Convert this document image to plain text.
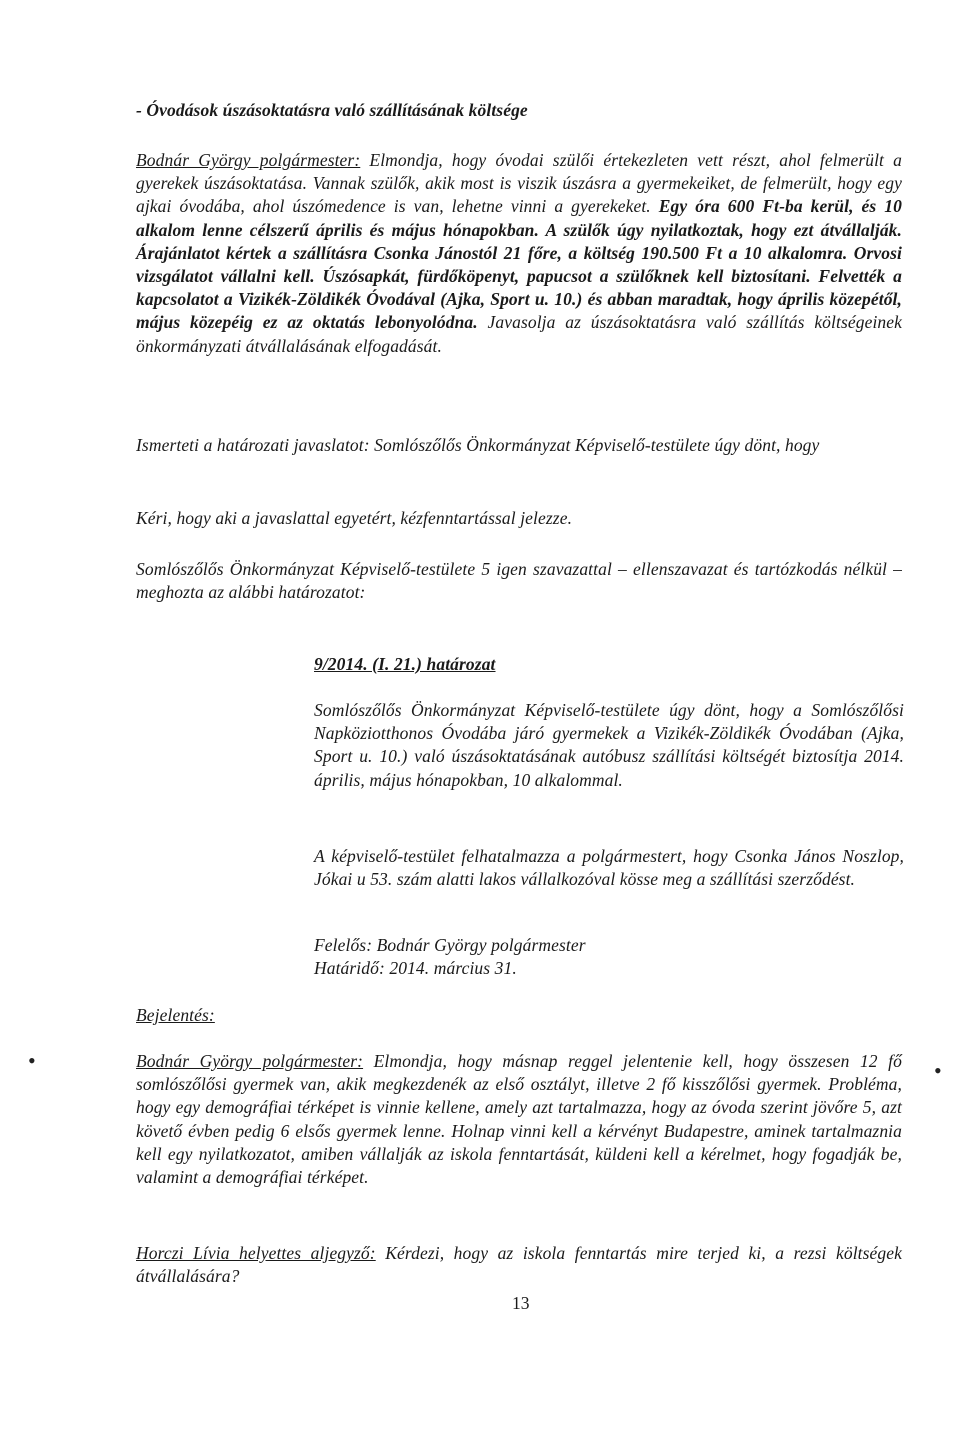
- Óvodások úszásoktatásra való szállításának költsége
Bodnár György polgármester: Elmondja, hogy óvodai szülői értekezleten vett részt, ahol felmerült a gyerekek úszásoktatása. Vannak szülők, akik most is viszik úszásra a gyermekeiket, de felmerült, hogy egy ajkai óvodába, ahol úszómedence is van, lehetne vinni a gyerekeket. Egy óra 600 Ft-ba kerül, és 10 alkalom lenne célszerű április és május hónapokban. A szülők úgy nyilatkoztak, hogy ezt átvállalják. Árajánlatot kértek a szállításra Csonka Jánostól 21 főre, a költség 190.500 Ft a 10 alkalomra. Orvosi vizsgálatot vállalni kell. Úszósapkát, fürdőköpenyt, papucsot a szülőknek kell biztosítani. Felvették a kapcsolatot a Vizikék-Zöldikék Óvodával (Ajka, Sport u. 10.) és abban maradtak, hogy április közepétől, május közepéig ez az oktatás lebonyolódna. Javasolja az úszásoktatásra való szállítás költségeinek önkormányzati átvállalásának elfogadását.
Ismerteti a határozati javaslatot: Somlószőlős Önkormányzat Képviselő-testülete úgy dönt, hogy
Kéri, hogy aki a javaslattal egyetért, kézfenntartással jelezze.
Somlószőlős Önkormányzat Képviselő-testülete 5 igen szavazattal – ellenszavazat és tartózkodás nélkül – meghozta az alábbi határozatot:
9/2014. (I. 21.) határozat
Somlószőlős Önkormányzat Képviselő-testülete úgy dönt, hogy a Somlószőlősi Napköziotthonos Óvodába járó gyermekek a Vizikék-Zöldikék Óvodában (Ajka, Sport u. 10.) való úszásoktatásának autóbusz szállítási költségét biztosítja 2014. április, május hónapokban, 10 alkalommal.
A képviselő-testület felhatalmazza a polgármestert, hogy Csonka János Noszlop, Jókai u 53. szám alatti lakos vállalkozóval kösse meg a szállítási szerződést.
Felelős: Bodnár György polgármester
Határidő: 2014. március 31.
Bejelentés:
•	•
Bodnár György polgármester: Elmondja, hogy másnap reggel jelentenie kell, hogy összesen 12 fő somlószőlősi gyermek van, akik megkezdenék az első osztályt, illetve 2 fő kisszőlősi gyermek. Probléma, hogy egy demográfiai térképet is vinnie kellene, amely azt tartalmazza, hogy az óvoda szerint jövőre 5, azt követő évben pedig 6 elsős gyermek lenne. Holnap vinni kell a kérvényt Budapestre, aminek tartalmaznia kell egy nyilatkozatot, amiben vállalják az iskola fenntartását, küldeni kell a kérelmet, hogy fogadják be, valamint a demográfiai térképet.
Horczi Lívia helyettes aljegyző: Kérdezi, hogy az iskola fenntartás mire terjed ki, a rezsi költségek átvállalására?
13
